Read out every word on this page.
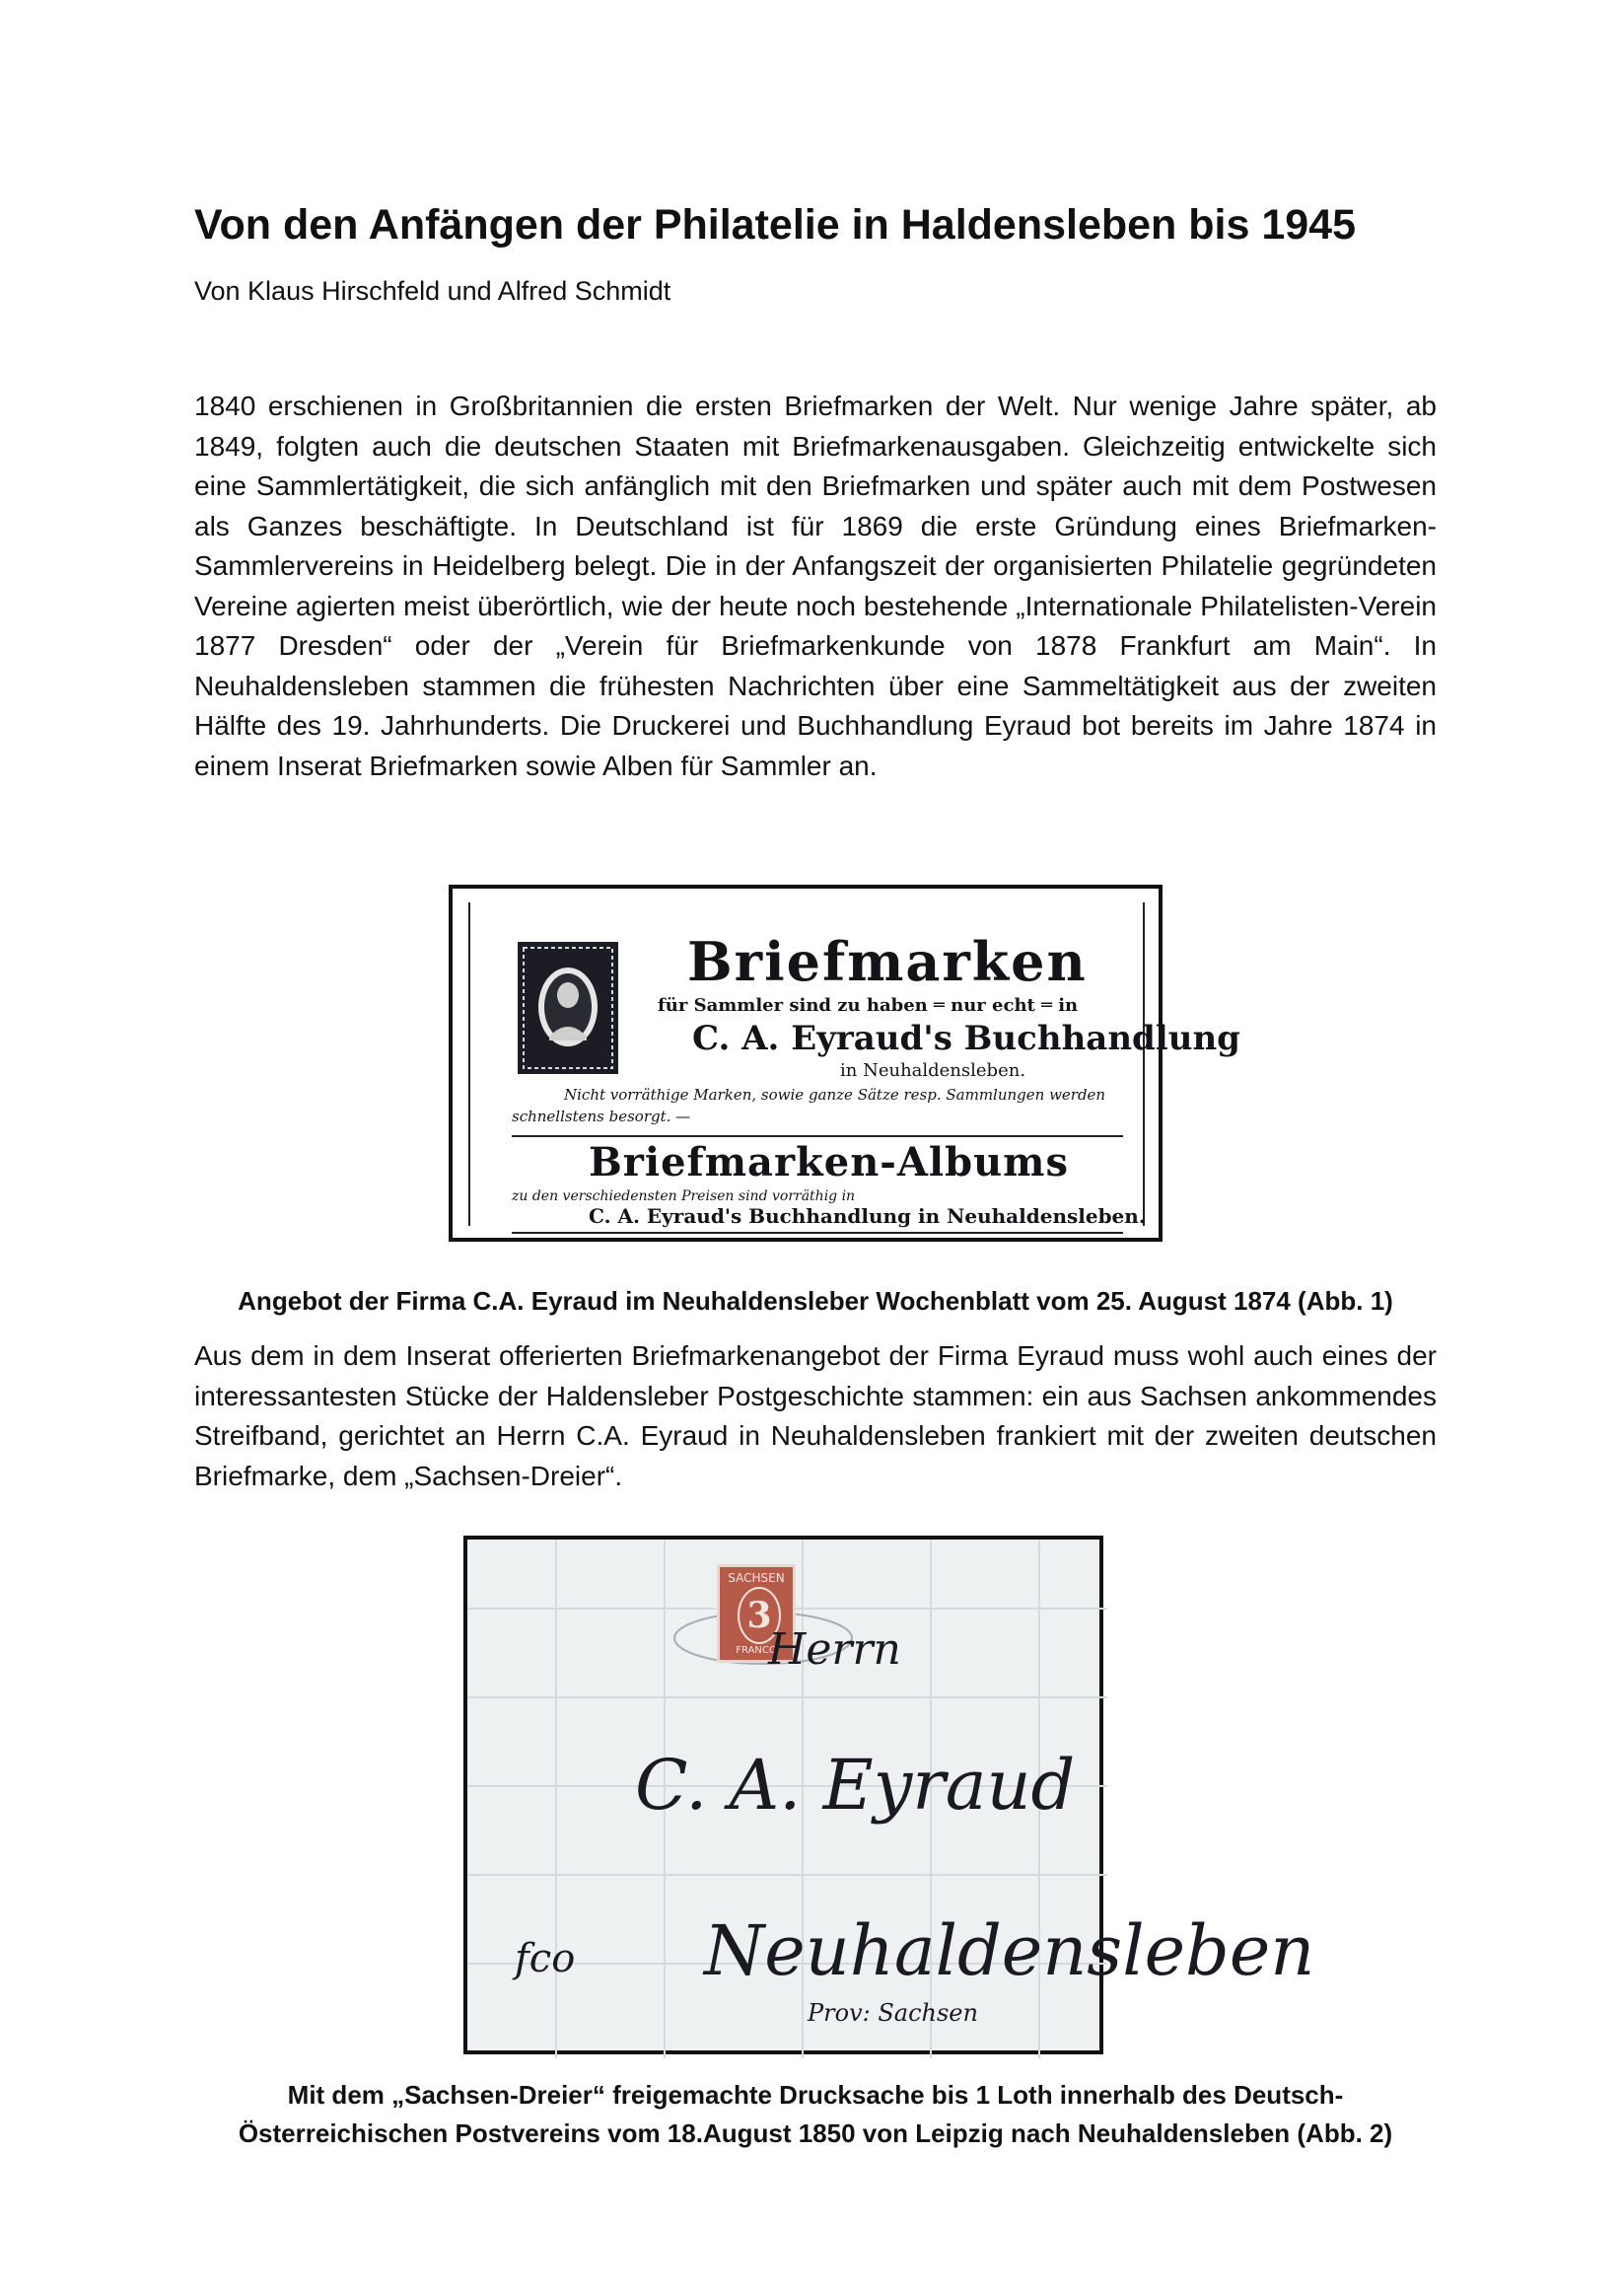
Von den Anfängen der Philatelie in Haldensleben bis 1945
Von Klaus Hirschfeld und Alfred Schmidt

1840 erschienen in Großbritannien die ersten Briefmarken der Welt. Nur wenige Jahre später, ab 1849, folgten auch die deutschen Staaten mit Briefmarkenausgaben. Gleichzeitig entwickelte sich eine Sammlertätigkeit, die sich anfänglich mit den Briefmarken und später auch mit dem Postwesen als Ganzes beschäftigte. In Deutschland ist für 1869 die erste Gründung eines Briefmarken- Sammlervereins in Heidelberg belegt. Die in der Anfangszeit der organisierten Philatelie gegründeten Vereine agierten meist überörtlich, wie der heute noch bestehende „Internationale Philatelisten-Verein 1877 Dresden“ oder der „Verein für Briefmarkenkunde von 1878 Frankfurt am Main“. In Neuhaldensleben stammen die frühesten Nachrichten über eine Sammeltätigkeit aus der zweiten Hälfte des 19. Jahrhunderts. Die Druckerei und Buchhandlung Eyraud bot bereits im Jahre 1874 in einem Inserat Briefmarken sowie Alben für Sammler an.

Briefmarken
für Sammler sind zu haben ═ nur echt ═ in
C. A. Eyraud's Buchhandlung
in Neuhaldensleben.
Nicht vorräthige Marken, sowie ganze Sätze resp. Sammlungen werden
schnellstens besorgt. —
Briefmarken-Albums
zu den verschiedensten Preisen sind vorräthig in
C. A. Eyraud's Buchhandlung in Neuhaldensleben.

Angebot der Firma C.A. Eyraud im Neuhaldensleber Wochenblatt vom 25. August 1874 (Abb. 1)

Aus dem in dem Inserat offerierten Briefmarkenangebot der Firma Eyraud muss wohl auch eines der interessantesten Stücke der Haldensleber Postgeschichte stammen: ein aus Sachsen ankommendes Streifband, gerichtet an Herrn C.A. Eyraud in Neuhaldensleben frankiert mit der zweiten deutschen Briefmarke, dem „Sachsen-Dreier“.

SACHSEN
3
FRANCO
Herrn
C. A. Eyraud
Neuhaldensleben
fco
Prov: Sachsen

Mit dem „Sachsen-Dreier“ freigemachte Drucksache bis 1 Loth innerhalb des Deutsch-Österreichischen Postvereins vom 18.August 1850 von Leipzig nach Neuhaldensleben (Abb. 2)
